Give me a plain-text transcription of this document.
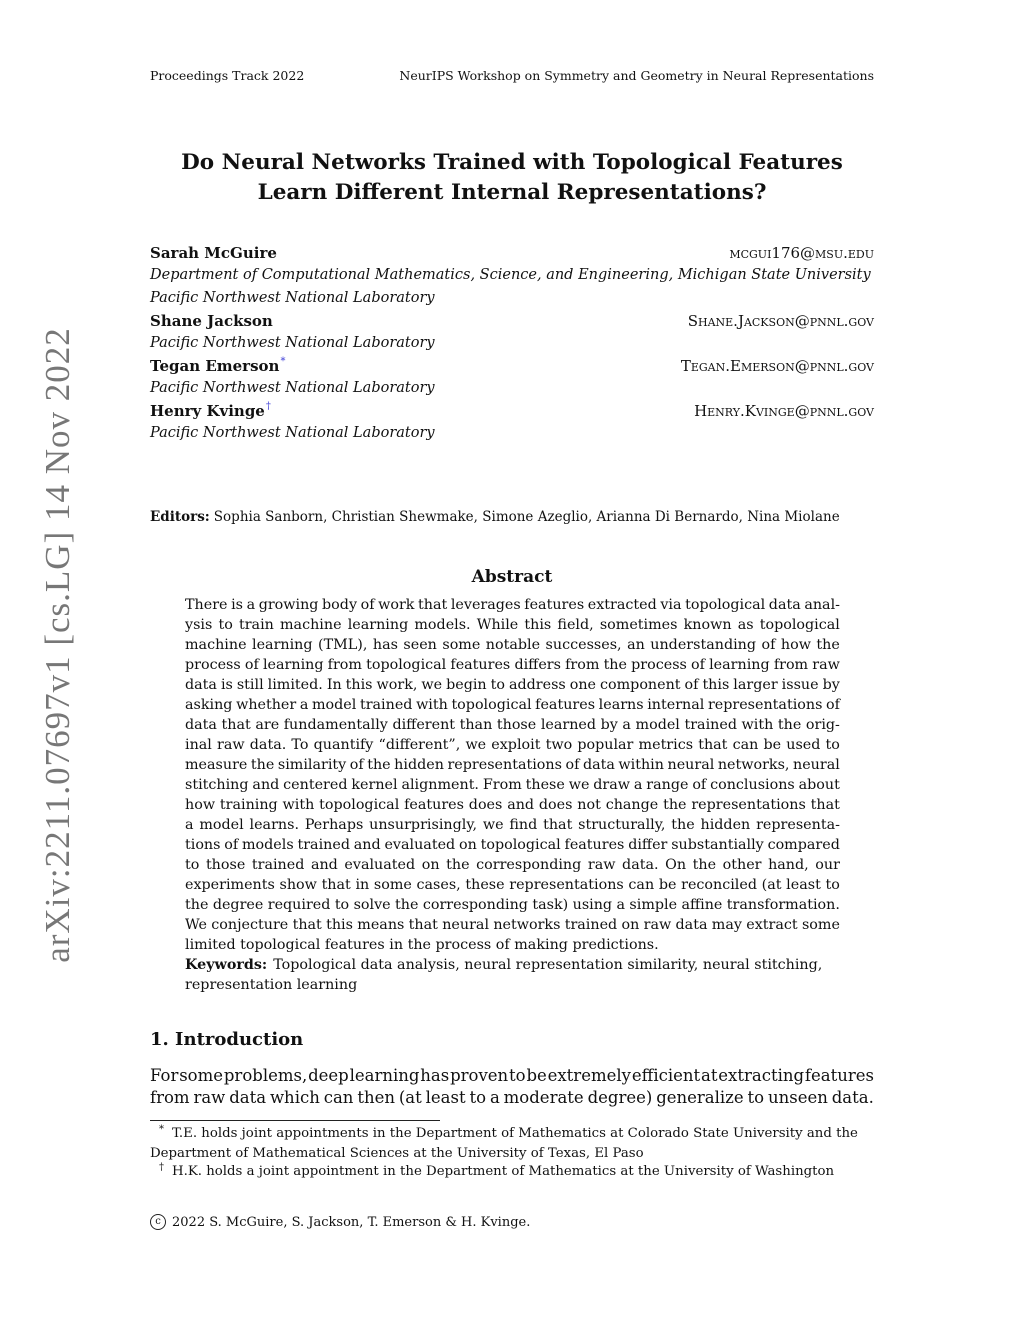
Proceedings Track 2022	NeurIPS Workshop on Symmetry and Geometry in Neural Representations
arXiv:2211.07697v1 [cs.LG] 14 Nov 2022
Do Neural Networks Trained with Topological Features
Learn Different Internal Representations?
Sarah McGuire	mcgui176@msu.edu
Department of Computational Mathematics, Science, and Engineering, Michigan State University
Pacific Northwest National Laboratory
Shane Jackson	Shane.Jackson@pnnl.gov
Pacific Northwest National Laboratory
Tegan Emerson*	Tegan.Emerson@pnnl.gov
Pacific Northwest National Laboratory
Henry Kvinge†	Henry.Kvinge@pnnl.gov
Pacific Northwest National Laboratory
Editors: Sophia Sanborn, Christian Shewmake, Simone Azeglio, Arianna Di Bernardo, Nina Miolane
Abstract
There is a growing body of work that leverages features extracted via topological data anal-
ysis to train machine learning models. While this field, sometimes known as topological
machine learning (TML), has seen some notable successes, an understanding of how the
process of learning from topological features differs from the process of learning from raw
data is still limited. In this work, we begin to address one component of this larger issue by
asking whether a model trained with topological features learns internal representations of
data that are fundamentally different than those learned by a model trained with the orig-
inal raw data. To quantify “different”, we exploit two popular metrics that can be used to
measure the similarity of the hidden representations of data within neural networks, neural
stitching and centered kernel alignment. From these we draw a range of conclusions about
how training with topological features does and does not change the representations that
a model learns. Perhaps unsurprisingly, we find that structurally, the hidden representa-
tions of models trained and evaluated on topological features differ substantially compared
to those trained and evaluated on the corresponding raw data. On the other hand, our
experiments show that in some cases, these representations can be reconciled (at least to
the degree required to solve the corresponding task) using a simple affine transformation.
We conjecture that this means that neural networks trained on raw data may extract some
limited topological features in the process of making predictions.
Keywords: Topological data analysis, neural representation similarity, neural stitching,
representation learning
1. Introduction
For some problems, deep learning has proven to be extremely efficient at extracting features
from raw data which can then (at least to a moderate degree) generalize to unseen data.
* T.E. holds joint appointments in the Department of Mathematics at Colorado State University and the
Department of Mathematical Sciences at the University of Texas, El Paso
† H.K. holds a joint appointment in the Department of Mathematics at the University of Washington
c 2022 S. McGuire, S. Jackson, T. Emerson & H. Kvinge.
